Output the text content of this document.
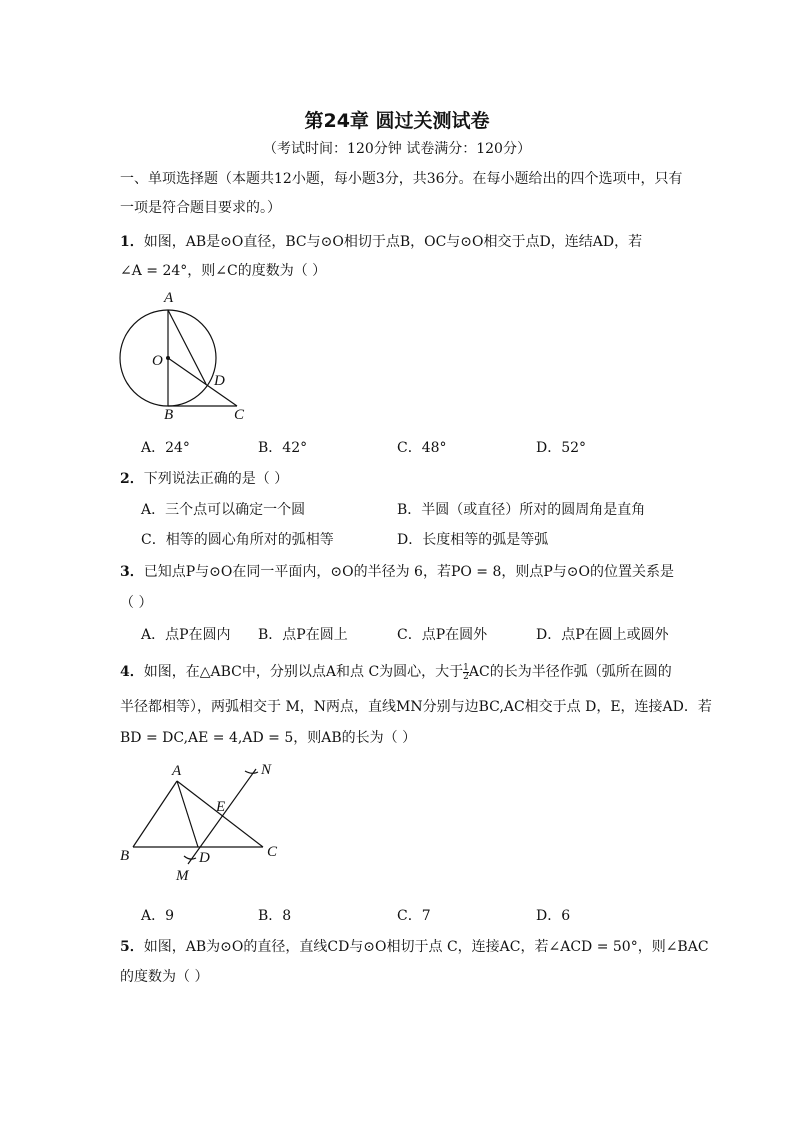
第24章 圆过关测试卷
（考试时间：120分钟 试卷满分：120分）
一、单项选择题（本题共12小题，每小题3分，共36分。在每小题给出的四个选项中，只有
一项是符合题目要求的。）
1．如图，AB是⊙O直径，BC与⊙O相切于点B，OC与⊙O相交于点D，连结AD，若
∠A = 24°，则∠C的度数为（ ）
A
O
D
B	C
A．24°	B．42°	C．48°	D．52°
2．下列说法正确的是（ ）
A．三个点可以确定一个圆	B．半圆（或直径）所对的圆周角是直角
C．相等的圆心角所对的弧相等	D．长度相等的弧是等弧
3．已知点P与⊙O在同一平面内，⊙O的半径为 6，若PO = 8，则点P与⊙O的位置关系是
（ ）
A．点P在圆内 B．点P在圆上	C．点P在圆外	D．点P在圆上或圆外
4．如图，在△ABC中，分别以点A和点 C为圆心，大于 $\frac{1}{2}$ AC的长为半径作弧（弧所在圆的
半径都相等），两弧相交于 M，N两点，直线MN分别与边BC,AC相交于点 D，E，连接AD．若
BD = DC,AE = 4,AD = 5，则AB的长为（ ）
A
B	C
D
E
M
N
A．9	B．8	C．7	D．6
5．如图，AB为⊙O的直径，直线CD与⊙O相切于点 C，连接AC，若∠ACD = 50°，则∠BAC
的度数为（ ）
